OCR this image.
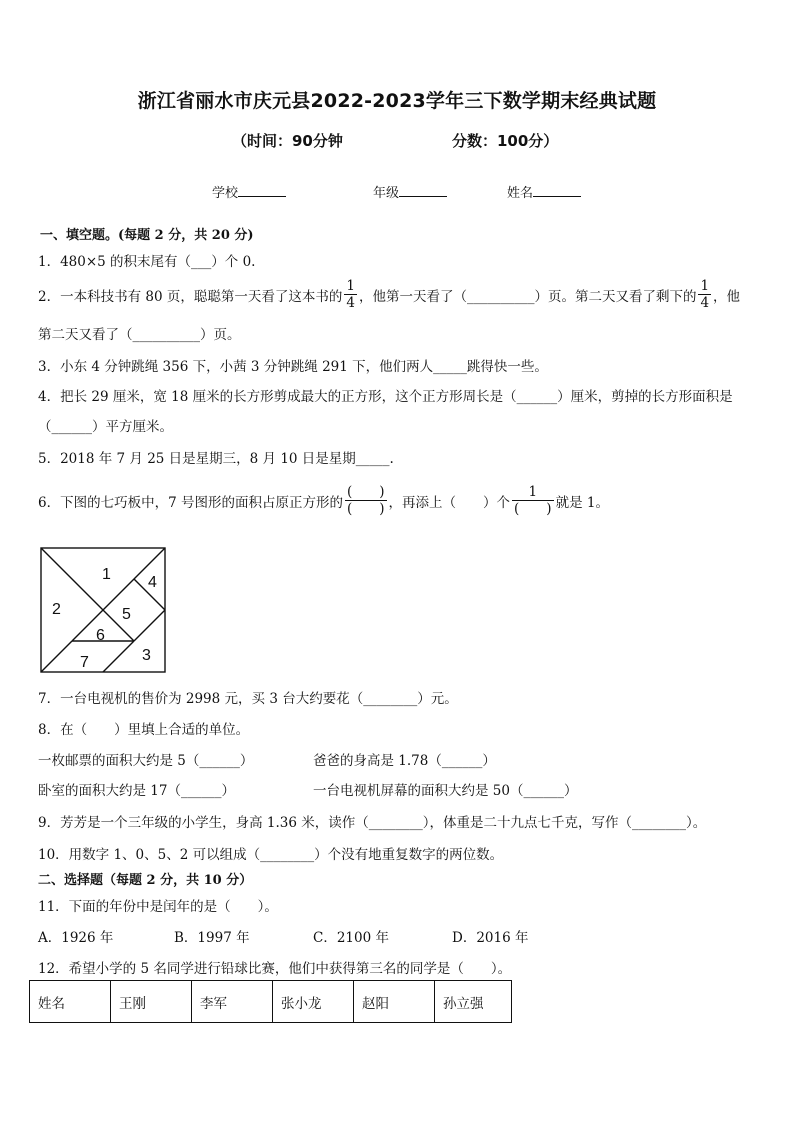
浙江省丽水市庆元县2022-2023学年三下数学期末经典试题
（时间：90分钟	分数：100分）
学校	年级	姓名
一、填空题。(每题 2 分，共 20 分)
1．480×5 的积末尾有（___）个 0.
2．一本科技书有 80 页，聪聪第一天看了这本书的 $\frac{1}{4}$ ，他第一天看了（__________）页。第二天又看了剩下的 $\frac{1}{4}$ ，他
第二天又看了（__________）页。
3．小东 4 分钟跳绳 356 下，小茜 3 分钟跳绳 291 下，他们两人_____跳得快一些。
4．把长 29 厘米，宽 18 厘米的长方形剪成最大的正方形，这个正方形周长是（______）厘米，剪掉的长方形面积是
（______）平方厘米。
5．2018 年 7 月 25 日是星期三，8 月 10 日是星期_____.
6．下图的七巧板中，7 号图形的面积占原正方形的 $\frac{( )}{( )}$ ，再添上（　　）个 $\frac{1}{( )}$ 就是 1。
1
2
3
4
5
6
7
7．一台电视机的售价为 2998 元，买 3 台大约要花（________）元。
8．在（　　）里填上合适的单位。
一枚邮票的面积大约是 5（______）	爸爸的身高是 1.78（______）
卧室的面积大约是 17（______）	一台电视机屏幕的面积大约是 50（______）
9．芳芳是一个三年级的小学生，身高 1.36 米，读作（________），体重是二十九点七千克，写作（________）。
10．用数字 1、0、5、2 可以组成（________）个没有地重复数字的两位数。
二、选择题（每题 2 分，共 10 分）
11．下面的年份中是闰年的是（　　）。
A．1926 年	B．1997 年	C．2100 年	D．2016 年
12．希望小学的 5 名同学进行铅球比赛，他们中获得第三名的同学是（　　）。
姓名	王刚	李军	张小龙	赵阳	孙立强
